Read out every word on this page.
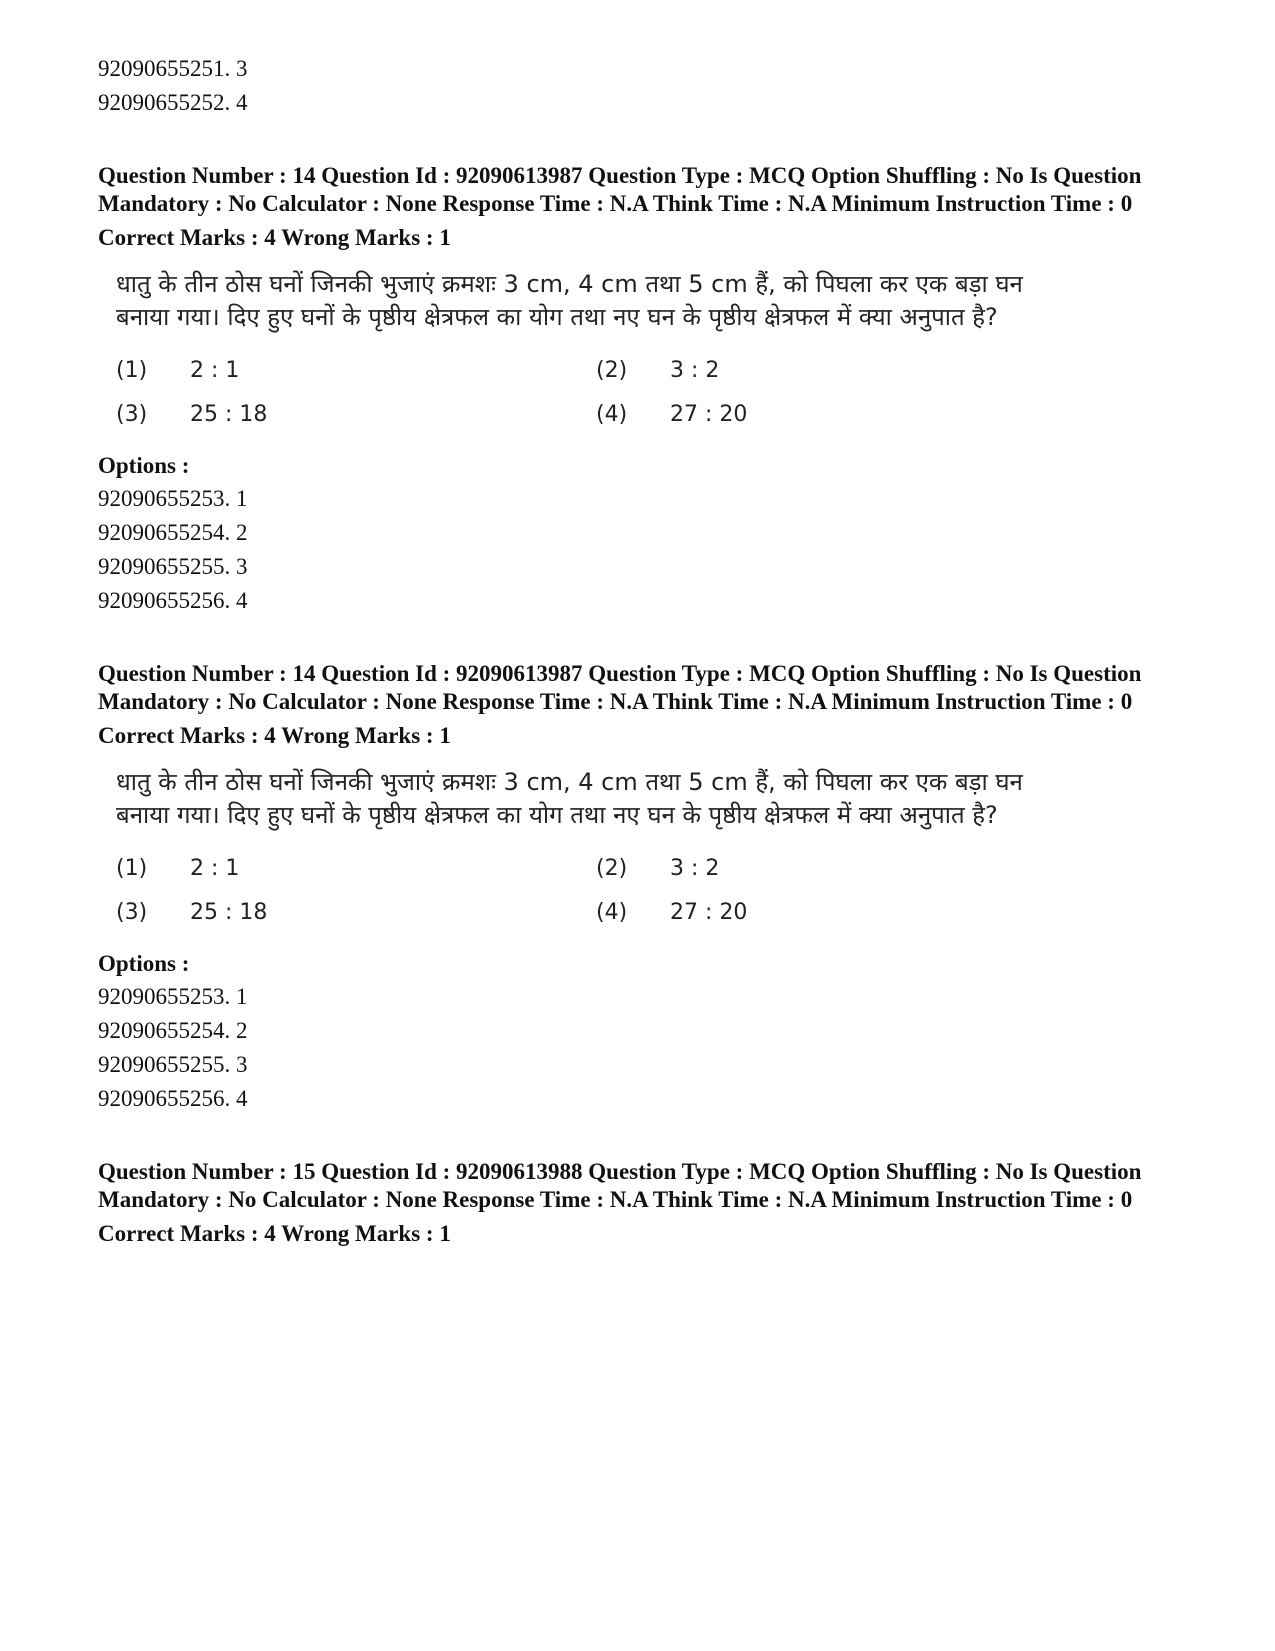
92090655251. 3
92090655252. 4
Question Number : 14 Question Id : 92090613987 Question Type : MCQ Option Shuffling : No Is Question Mandatory : No Calculator : None Response Time : N.A Think Time : N.A Minimum Instruction Time : 0
Correct Marks : 4 Wrong Marks : 1
धातु के तीन ठोस घनों जिनकी भुजाएं क्रमशः 3 cm, 4 cm तथा 5 cm हैं, को पिघला कर एक बड़ा घन बनाया गया। दिए हुए घनों के पृष्ठीय क्षेत्रफल का योग तथा नए घन के पृष्ठीय क्षेत्रफल में क्या अनुपात है?
(1) 2 : 1	(2) 3 : 2
(3) 25 : 18	(4) 27 : 20
Options :
92090655253. 1
92090655254. 2
92090655255. 3
92090655256. 4
Question Number : 14 Question Id : 92090613987 Question Type : MCQ Option Shuffling : No Is Question Mandatory : No Calculator : None Response Time : N.A Think Time : N.A Minimum Instruction Time : 0
Correct Marks : 4 Wrong Marks : 1
धातु के तीन ठोस घनों जिनकी भुजाएं क्रमशः 3 cm, 4 cm तथा 5 cm हैं, को पिघला कर एक बड़ा घन बनाया गया। दिए हुए घनों के पृष्ठीय क्षेत्रफल का योग तथा नए घन के पृष्ठीय क्षेत्रफल में क्या अनुपात है?
(1) 2 : 1	(2) 3 : 2
(3) 25 : 18	(4) 27 : 20
Options :
92090655253. 1
92090655254. 2
92090655255. 3
92090655256. 4
Question Number : 15 Question Id : 92090613988 Question Type : MCQ Option Shuffling : No Is Question Mandatory : No Calculator : None Response Time : N.A Think Time : N.A Minimum Instruction Time : 0
Correct Marks : 4 Wrong Marks : 1
